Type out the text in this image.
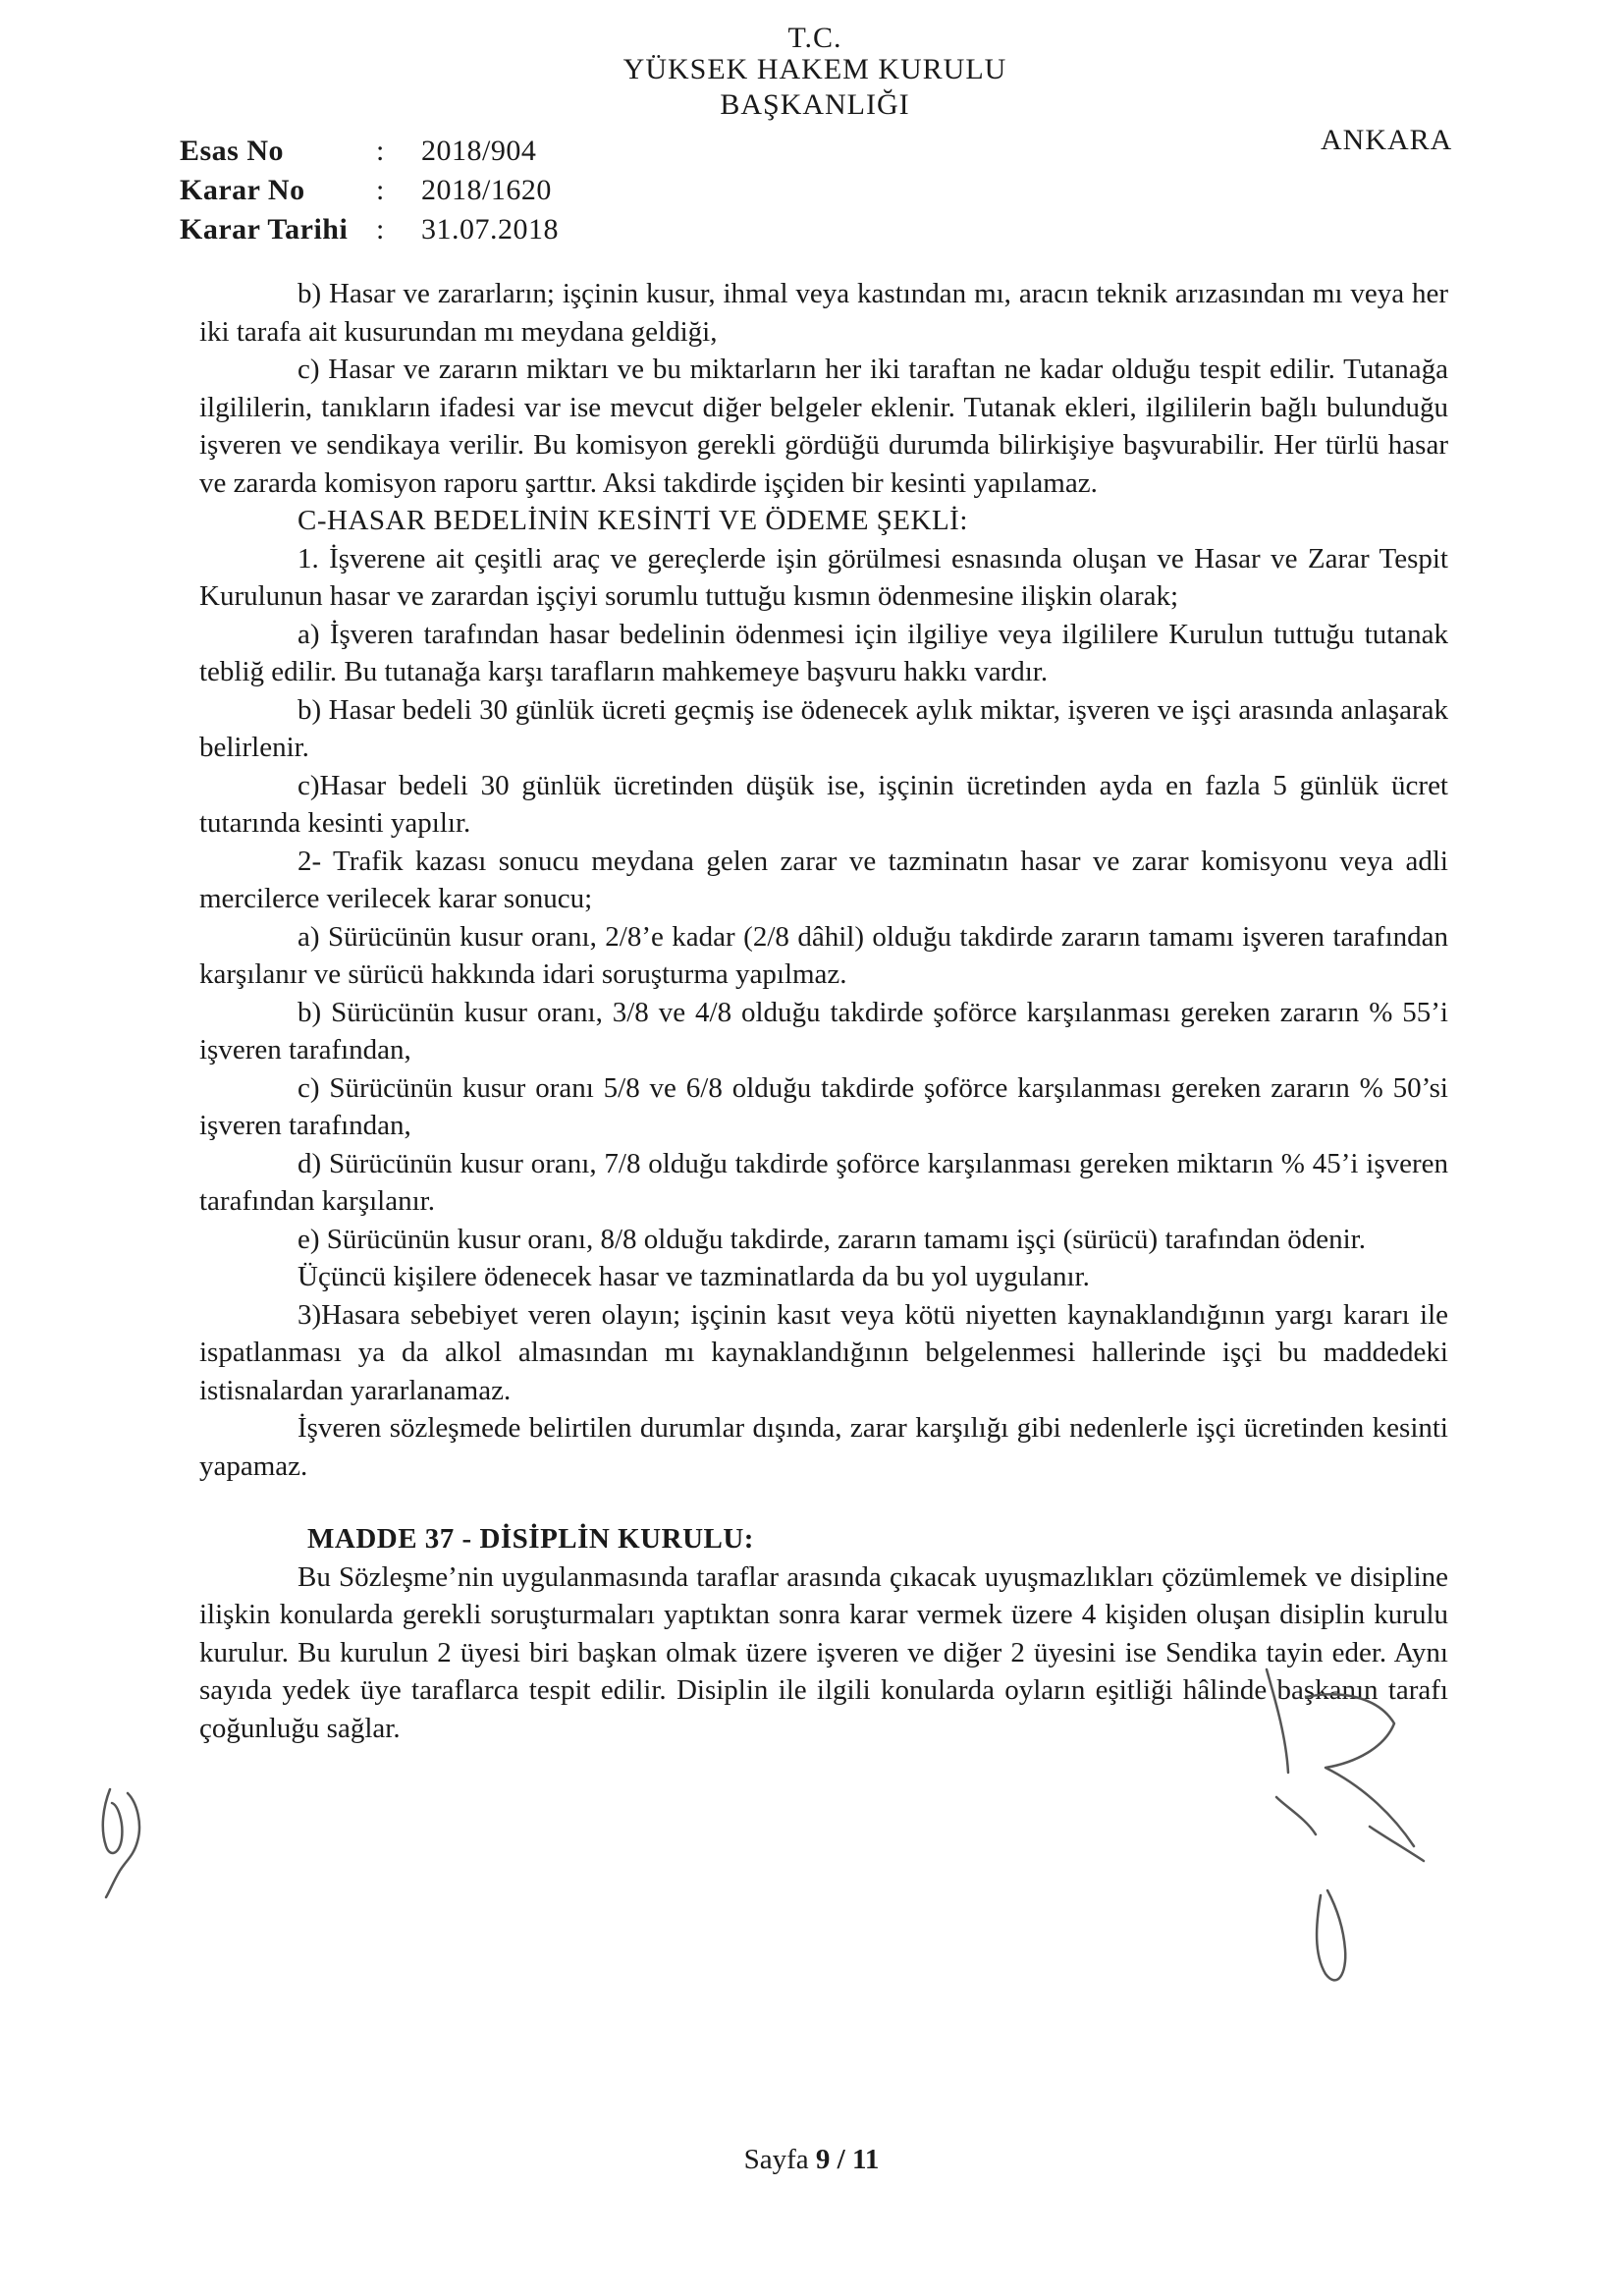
T.C.
YÜKSEK HAKEM KURULU
BAŞKANLIĞI
ANKARA
Esas No	:	2018/904
Karar No	:	2018/1620
Karar Tarihi :	31.07.2018

b) Hasar ve zararların; işçinin kusur, ihmal veya kastından mı, aracın teknik arızasından mı veya her iki tarafa ait kusurundan mı meydana geldiği,

c) Hasar ve zararın miktarı ve bu miktarların her iki taraftan ne kadar olduğu tespit edilir. Tutanağa ilgililerin, tanıkların ifadesi var ise mevcut diğer belgeler eklenir. Tutanak ekleri, ilgililerin bağlı bulunduğu işveren ve sendikaya verilir. Bu komisyon gerekli gördüğü durumda bilirkişiye başvurabilir. Her türlü hasar ve zararda komisyon raporu şarttır. Aksi takdirde işçiden bir kesinti yapılamaz.

C-HASAR BEDELİNİN KESİNTİ VE ÖDEME ŞEKLİ:

1. İşverene ait çeşitli araç ve gereçlerde işin görülmesi esnasında oluşan ve Hasar ve Zarar Tespit Kurulunun hasar ve zarardan işçiyi sorumlu tuttuğu kısmın ödenmesine ilişkin olarak;

a) İşveren tarafından hasar bedelinin ödenmesi için ilgiliye veya ilgililere Kurulun tuttuğu tutanak tebliğ edilir. Bu tutanağa karşı tarafların mahkemeye başvuru hakkı vardır.

b) Hasar bedeli 30 günlük ücreti geçmiş ise ödenecek aylık miktar, işveren ve işçi arasında anlaşarak belirlenir.

c)Hasar bedeli 30 günlük ücretinden düşük ise, işçinin ücretinden ayda en fazla 5 günlük ücret tutarında kesinti yapılır.

2- Trafik kazası sonucu meydana gelen zarar ve tazminatın hasar ve zarar komisyonu veya adli mercilerce verilecek karar sonucu;

a) Sürücünün kusur oranı, 2/8’e kadar (2/8 dâhil) olduğu takdirde zararın tamamı işveren tarafından karşılanır ve sürücü hakkında idari soruşturma yapılmaz.

b) Sürücünün kusur oranı, 3/8 ve 4/8 olduğu takdirde şoförce karşılanması gereken zararın % 55’i işveren tarafından,

c) Sürücünün kusur oranı 5/8 ve 6/8 olduğu takdirde şoförce karşılanması gereken zararın % 50’si işveren tarafından,

d) Sürücünün kusur oranı, 7/8 olduğu takdirde şoförce karşılanması gereken miktarın % 45’i işveren tarafından karşılanır.

e) Sürücünün kusur oranı, 8/8 olduğu takdirde, zararın tamamı işçi (sürücü) tarafından ödenir.

Üçüncü kişilere ödenecek hasar ve tazminatlarda da bu yol uygulanır.

3)Hasara sebebiyet veren olayın; işçinin kasıt veya kötü niyetten kaynaklandığının yargı kararı ile ispatlanması ya da alkol almasından mı kaynaklandığının belgelenmesi hallerinde işçi bu maddedeki istisnalardan yararlanamaz.

İşveren sözleşmede belirtilen durumlar dışında, zarar karşılığı gibi nedenlerle işçi ücretinden kesinti yapamaz.

MADDE 37 - DİSİPLİN KURULU:

Bu Sözleşme’nin uygulanmasında taraflar arasında çıkacak uyuşmazlıkları çözümlemek ve disipline ilişkin konularda gerekli soruşturmaları yaptıktan sonra karar vermek üzere 4 kişiden oluşan disiplin kurulu kurulur. Bu kurulun 2 üyesi biri başkan olmak üzere işveren ve diğer 2 üyesini ise Sendika tayin eder. Aynı sayıda yedek üye taraflarca tespit edilir. Disiplin ile ilgili konularda oyların eşitliği hâlinde başkanın tarafı çoğunluğu sağlar.

Sayfa 9 / 11
